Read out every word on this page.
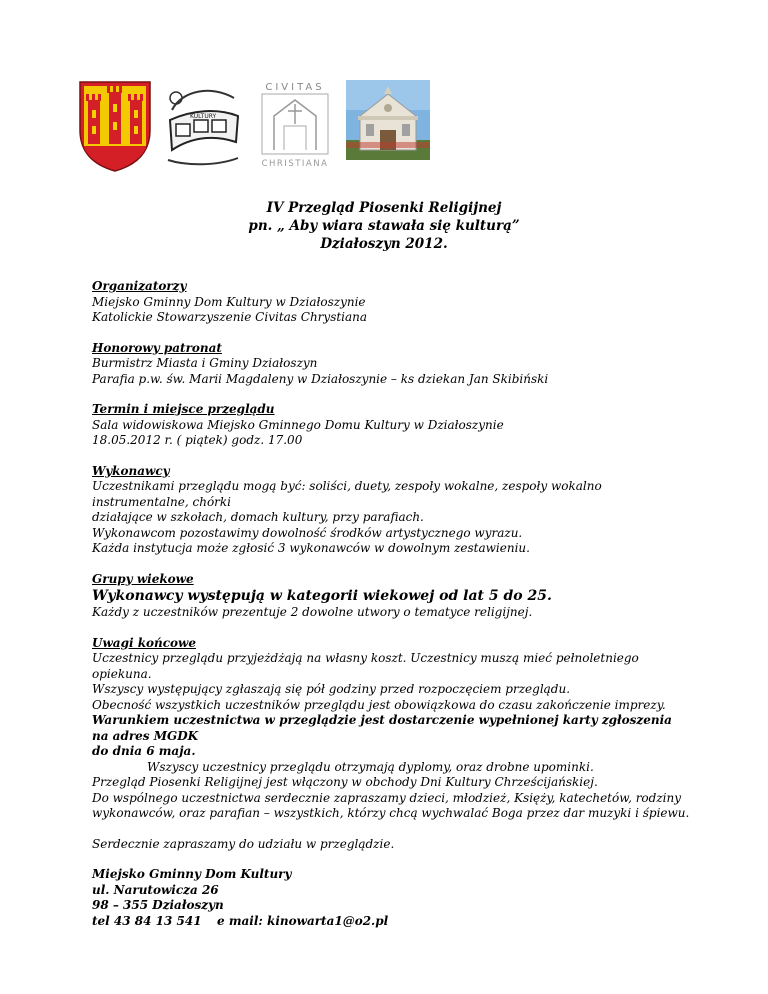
KULTURY
CIVITAS
CHRISTIANA
IV Przegląd Piosenki Religijnej
pn. „ Aby wiara stawała się kulturą”
Działoszyn 2012.
Organizatorzy
Miejsko Gminny Dom Kultury w Działoszynie
Katolickie Stowarzyszenie Civitas Chrystiana
Honorowy patronat
Burmistrz Miasta i Gminy Działoszyn
Parafia p.w. św. Marii Magdaleny w Działoszynie – ks dziekan Jan Skibiński
Termin i miejsce przeglądu
Sala widowiskowa Miejsko Gminnego Domu Kultury w Działoszynie
18.05.2012 r. ( piątek) godz. 17.00
Wykonawcy
Uczestnikami przeglądu mogą być: soliści, duety, zespoły wokalne, zespoły wokalno instrumentalne, chórki
działające w szkołach, domach kultury, przy parafiach.
Wykonawcom pozostawimy dowolność środków artystycznego wyrazu.
Każda instytucja może zgłosić 3 wykonawców w dowolnym zestawieniu.
Grupy wiekowe
Wykonawcy występują w kategorii wiekowej od lat 5 do 25.
Każdy z uczestników prezentuje 2 dowolne utwory o tematyce religijnej.
Uwagi końcowe
Uczestnicy przeglądu przyjeżdżają na własny koszt. Uczestnicy muszą mieć pełnoletniego opiekuna.
Wszyscy występujący zgłaszają się pół godziny przed rozpoczęciem przeglądu.
Obecność wszystkich uczestników przeglądu jest obowiązkowa do czasu zakończenie imprezy.
Warunkiem uczestnictwa w przeglądzie jest dostarczenie wypełnionej karty zgłoszenia na adres MGDK
do dnia 6 maja.
Wszyscy uczestnicy przeglądu otrzymają dyplomy, oraz drobne upominki.
Przegląd Piosenki Religijnej jest włączony w obchody Dni Kultury Chrześcijańskiej.
Do wspólnego uczestnictwa serdecznie zapraszamy dzieci, młodzież, Księży, katechetów, rodziny
wykonawców, oraz parafian – wszystkich, którzy chcą wychwalać Boga przez dar muzyki i śpiewu.
Serdecznie zapraszamy do udziału w przeglądzie.
Miejsko Gminny Dom Kultury
ul. Narutowicza 26
98 – 355 Działoszyn
tel 43 84 13 541 e mail: kinowarta1@o2.pl
